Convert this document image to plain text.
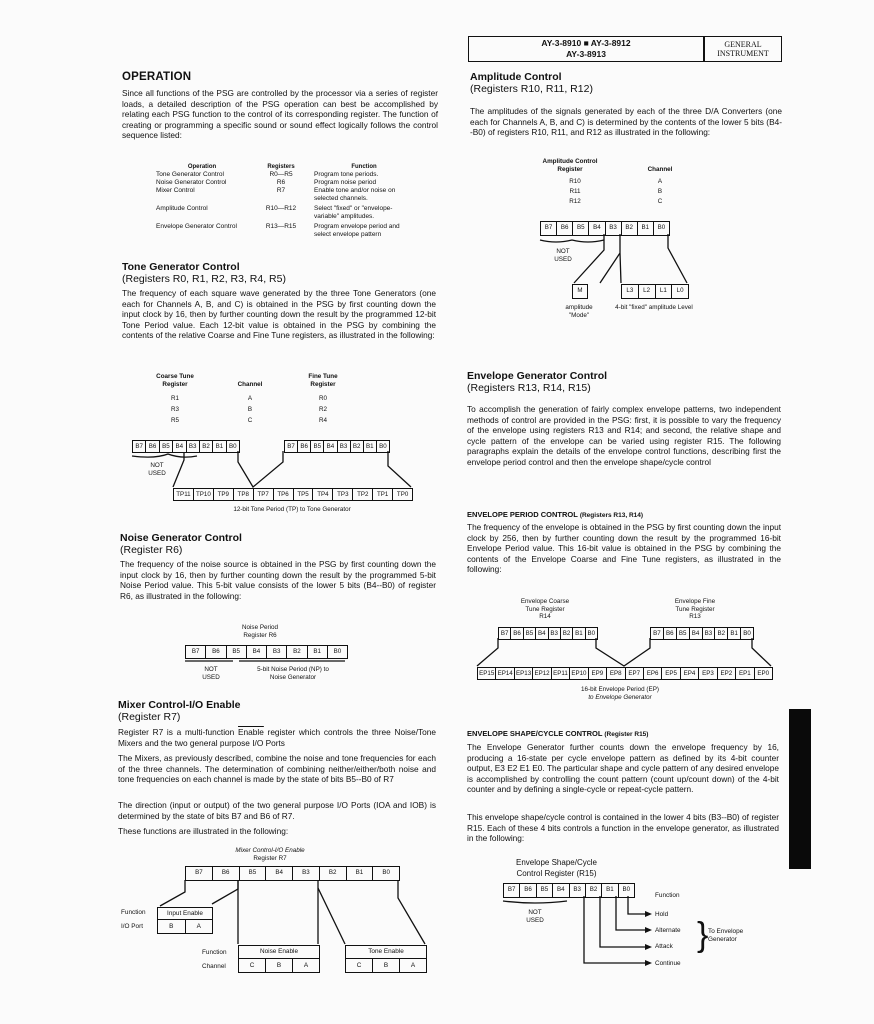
AY-3-8910 ■ AY-3-8912
AY-3-8913
GENERAL
INSTRUMENT
OPERATION
Since all functions of the PSG are controlled by the processor via a series of register loads, a detailed description of the PSG operation can best be accomplished by relating each PSG function to the control of its corresponding register. The function of creating or programming a specific sound or sound effect logically follows the control sequence listed:
Operation	Registers	Function
Tone Generator Control	R0—R5	Program tone periods.
Noise Generator Control	R6	Program noise period
Mixer Control	R7	Enable tone and/or noise on selected channels.
Amplitude Control	R10—R12	Select "fixed" or "envelope-variable" amplitudes.
Envelope Generator Control	R13—R15	Program envelope period and select envelope pattern
Tone Generator Control
(Registers R0, R1, R2, R3, R4, R5)
The frequency of each square wave generated by the three Tone Generators (one each for Channels A, B, and C) is obtained in the PSG by first counting down the input clock by 16, then by further counting down the result by the programmed 12-bit Tone Period value. Each 12-bit value is obtained in the PSG by combining the contents of the relative Coarse and Fine Tune registers, as illustrated in the following:
Coarse Tune Register	Channel
Fine Tune Register
R1
R3
R5
A
B
C
R0
R2
R4
B7 B6 B5 B4 B3 B2 B1 B0	B7 B6 B5 B4 B3 B2 B1 B0
NOT USED
TP11 TP10	TP9	TP8	TP7	TP6	TP5	TP4	TP3	TP2	TP1	TP0
12-bit Tone Period (TP) to Tone Generator
Noise Generator Control
(Register R6)
The frequency of the noise source is obtained in the PSG by first counting down the input clock by 16, then by further counting down the result by the programmed 5-bit Noise Period value. This 5-bit value consists of the lower 5 bits (B4--B0) of register R6, as illustrated in the following:
Noise Period Register R6
B7	B6	B5	B4	B3	B2	B1	B0
NOT USED
5-bit Noise Period (NP) to Noise Generator
Mixer Control-I/O Enable
(Register R7)
Register R7 is a multi-function Enable register which controls the three Noise/Tone Mixers and the two general purpose I/O Ports
The Mixers, as previously described, combine the noise and tone frequencies for each of the three channels. The determination of combining neither/either/both noise and tone frequencies on each channel is made by the state of bits B5--B0 of R7
The direction (input or output) of the two general purpose I/O Ports (IOA and IOB) is determined by the state of bits B7 and B6 of R7.
These functions are illustrated in the following:
Mixer Control-I/O Enable
Register R7
B7	B6	B5	B4	B3	B2	B1	B0
Function
I/O Port
Input Enable
B	A
Function
Channel
Noise Enable
C	B	A
Tone Enable
C	B	A
Amplitude Control
(Registers R10, R11, R12)
The amplitudes of the signals generated by each of the three D/A Converters (one each for Channels A, B, and C) is determined by the contents of the lower 5 bits (B4--B0) of registers R10, R11, and R12 as illustrated in the following:
Amplitude Control Register	Channel
R10
R11
R12
A
B
C
B7	B6	B5	B4	B3	B2	B1	B0
NOT USED
M	L3	L2	L1	L0
amplitude "Mode"
4-bit "fixed" amplitude Level
Envelope Generator Control
(Registers R13, R14, R15)
To accomplish the generation of fairly complex envelope patterns, two independent methods of control are provided in the PSG: first, it is possible to vary the frequency of the envelope using registers R13 and R14; and second, the relative shape and cycle pattern of the envelope can be varied using register R15. The following paragraphs explain the details of the envelope control functions, describing first the envelope period control and then the envelope shape/cycle control
ENVELOPE PERIOD CONTROL (Registers R13, R14)
The frequency of the envelope is obtained in the PSG by first counting down the input clock by 256, then by further counting down the result by the programmed 16-bit Envelope Period value. This 16-bit value is obtained in the PSG by combining the contents of the Envelope Coarse and Fine Tune registers, as illustrated in the following:
Envelope Coarse Tune Register R14
Envelope Fine Tune Register R13
B7 B6 B5 B4 B3 B2 B1 B0	B7 B6 B5 B4 B3 B2 B1 B0
EP15 EP14 EP13 EP12 EP11 EP10 EP9	EP8	EP7	EP6	EP5	EP4	EP3	EP2	EP1	EP0
16-bit Envelope Period (EP)
to Envelope Generator
ENVELOPE SHAPE/CYCLE CONTROL (Register R15)
The Envelope Generator further counts down the envelope frequency by 16, producing a 16-state per cycle envelope pattern as defined by its 4-bit counter output, E3 E2 E1 E0. The particular shape and cycle pattern of any desired envelope is accomplished by controlling the count pattern (count up/count down) of the 4-bit counter and by defining a single-cycle or repeat-cycle pattern.
This envelope shape/cycle control is contained in the lower 4 bits (B3--B0) of register R15. Each of these 4 bits controls a function in the envelope generator, as illustrated in the following:
Envelope Shape/Cycle
Control Register (R15)
B7	B6	B5	B4	B3	B2	B1	B0
NOT USED
Function
Hold
Alternate
Attack
Continue
} To Envelope Generator
